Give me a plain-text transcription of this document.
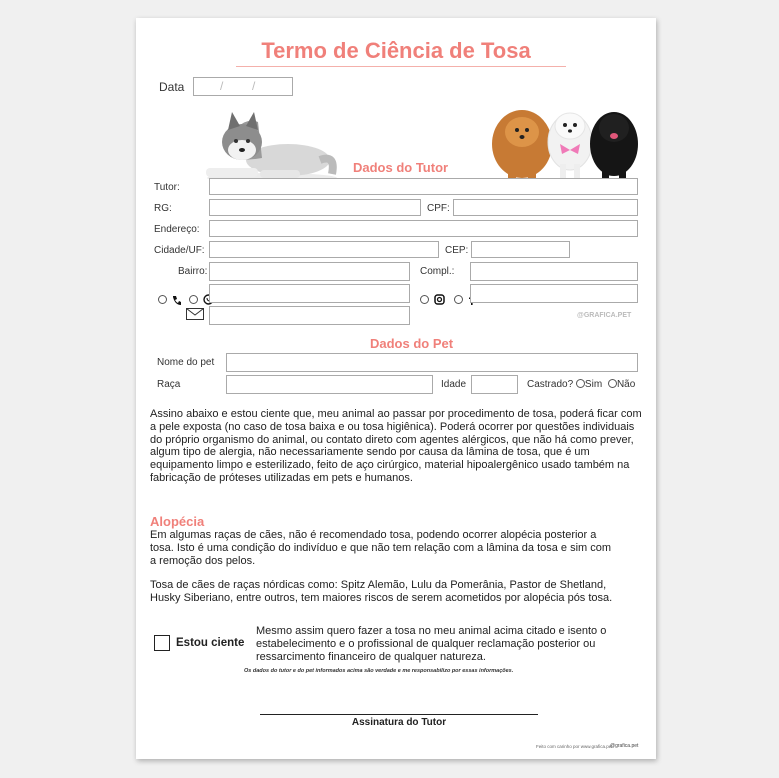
Termo de Ciência de Tosa
Data	/ /
Dados do Tutor
Tutor:
RG:	CPF:
Endereço:
Cidade/UF:	CEP:
Bairro:	Compl.:

@GRAFICA.PET
Dados do Pet
Nome do pet
Raça	Idade	Castrado? Sim Não
Assino abaixo e estou ciente que, meu animal ao passar por procedimento de tosa, poderá ficar com a pele exposta (no caso de tosa baixa e ou tosa higiênica). Poderá ocorrer por questões individuais do próprio organismo do animal, ou contato direto com agentes alérgicos, que não há como prever, algum tipo de alergia, não necessariamente sendo por causa da lâmina de tosa, que é um equipamento limpo e esterilizado, feito de aço cirúrgico, material hipoalergênico usado também na fabricação de próteses utilizadas em pets e humanos.
Alopécia
Em algumas raças de cães, não é recomendado tosa, podendo ocorrer alopécia posterior a tosa. Isto é uma condição do indivíduo e que não tem relação com a lâmina da tosa e sim com a remoção dos pelos.
Tosa de cães de raças nórdicas como: Spitz Alemão, Lulu da Pomerânia, Pastor de Shetland, Husky Siberiano, entre outros, tem maiores riscos de serem acometidos por alopécia pós tosa.
Estou ciente
Mesmo assim quero fazer a tosa no meu animal acima citado e isento o estabelecimento e o profissional de qualquer reclamação posterior ou ressarcimento financeiro de qualquer natureza.
Os dados do tutor e do pet informados acima são verdade e me responsabilizo por essas informações.
Assinatura do Tutor
Feito com carinho por www.grafica.pet
@grafica.pet
